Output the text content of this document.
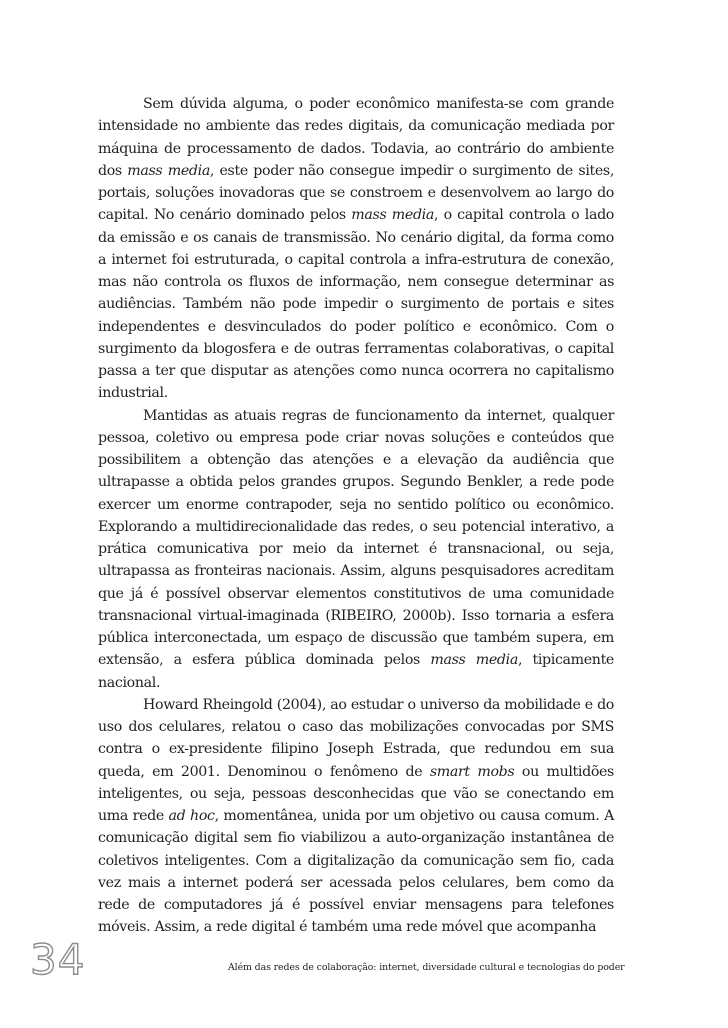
Sem dúvida alguma, o poder econômico manifesta-se com grande intensidade no ambiente das redes digitais, da comunicação mediada por máquina de processamento de dados. Todavia, ao contrário do ambiente dos mass media, este poder não consegue impedir o surgimento de sites, portais, soluções inovadoras que se constroem e desenvolvem ao largo do capital. No cenário dominado pelos mass media, o capital controla o lado da emissão e os canais de transmissão. No cenário digital, da forma como a internet foi estruturada, o capital controla a infra-estrutura de conexão, mas não controla os fluxos de informação, nem consegue determinar as audiências. Também não pode impedir o surgimento de portais e sites independentes e desvinculados do poder político e econômico. Com o surgimento da blogosfera e de outras ferramentas colaborativas, o capital passa a ter que disputar as atenções como nunca ocorrera no capitalismo industrial.

Mantidas as atuais regras de funcionamento da internet, qualquer pessoa, coletivo ou empresa pode criar novas soluções e conteúdos que possibilitem a obtenção das atenções e a elevação da audiência que ultrapasse a obtida pelos grandes grupos. Segundo Benkler, a rede pode exercer um enorme contrapoder, seja no sentido político ou econômico. Explorando a multidirecionalidade das redes, o seu potencial interativo, a prática comunicativa por meio da internet é transnacional, ou seja, ultrapassa as fronteiras nacionais. Assim, alguns pesquisadores acreditam que já é possível observar elementos constitutivos de uma comunidade transnacional virtual-imaginada (RIBEIRO, 2000b). Isso tornaria a esfera pública interconectada, um espaço de discussão que também supera, em extensão, a esfera pública dominada pelos mass media, tipicamente nacional.

Howard Rheingold (2004), ao estudar o universo da mobilidade e do uso dos celulares, relatou o caso das mobilizações convocadas por SMS contra o ex-presidente filipino Joseph Estrada, que redundou em sua queda, em 2001. Denominou o fenômeno de smart mobs ou multidões inteligentes, ou seja, pessoas desconhecidas que vão se conectando em uma rede ad hoc, momentânea, unida por um objetivo ou causa comum. A comunicação digital sem fio viabilizou a auto-organização instantânea de coletivos inteligentes. Com a digitalização da comunicação sem fio, cada vez mais a internet poderá ser acessada pelos celulares, bem como da rede de computadores já é possível enviar mensagens para telefones móveis. Assim, a rede digital é também uma rede móvel que acompanha

34	Além das redes de colaboração: internet, diversidade cultural e tecnologias do poder
